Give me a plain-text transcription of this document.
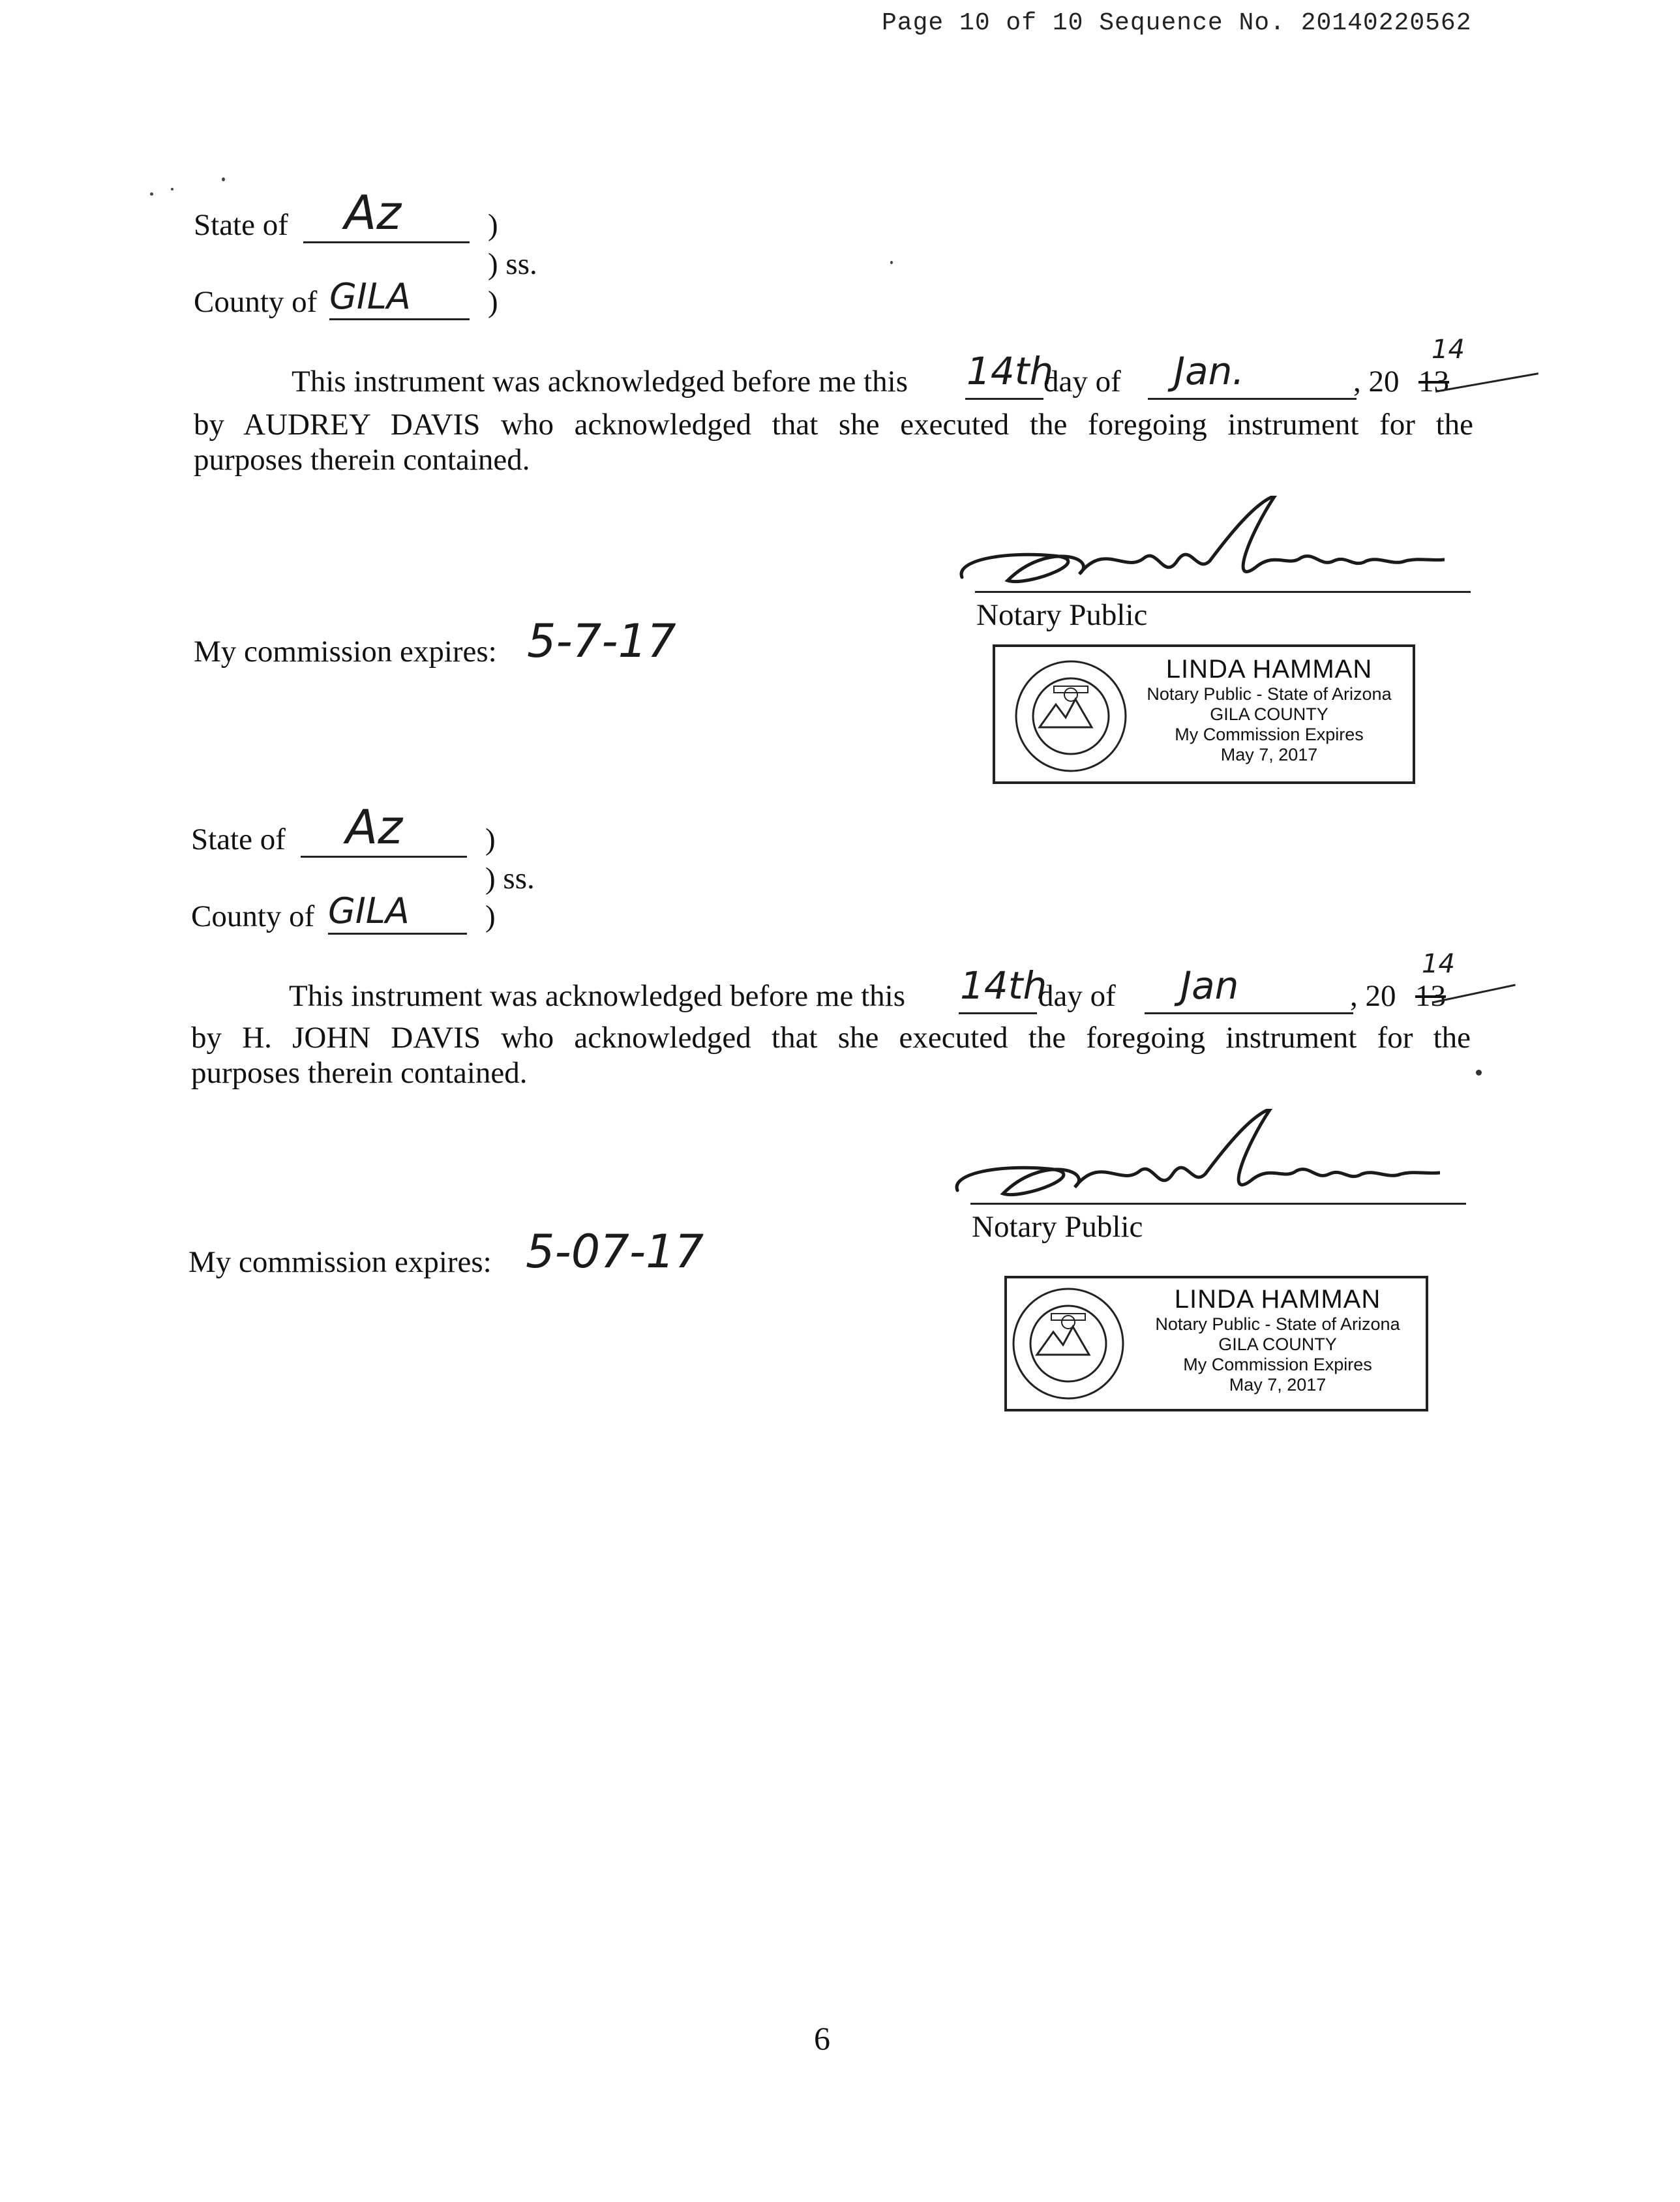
Page 10 of 10 Sequence No. 20140220562
State of Az	)
) ss.
County of GILA	)
This instrument was acknowledged before me this 14th
day of Jan.	, 20 13
14
by AUDREY DAVIS who acknowledged that she executed the foregoing instrument for the
purposes therein contained.
Notary Public
My commission expires: 5-7-17
LINDA HAMMAN
Notary Public - State of Arizona
GILA COUNTY
My Commission Expires
May 7, 2017
State of Az	)
) ss.
County of GILA )
This instrument was acknowledged before me this 14th
day of Jan	, 20 13
14
by H. JOHN DAVIS who acknowledged that she executed the foregoing instrument for the
purposes therein contained.
Notary Public
My commission expires: 5-07-17
LINDA HAMMAN
Notary Public - State of Arizona
GILA COUNTY
My Commission Expires
May 7, 2017
6
